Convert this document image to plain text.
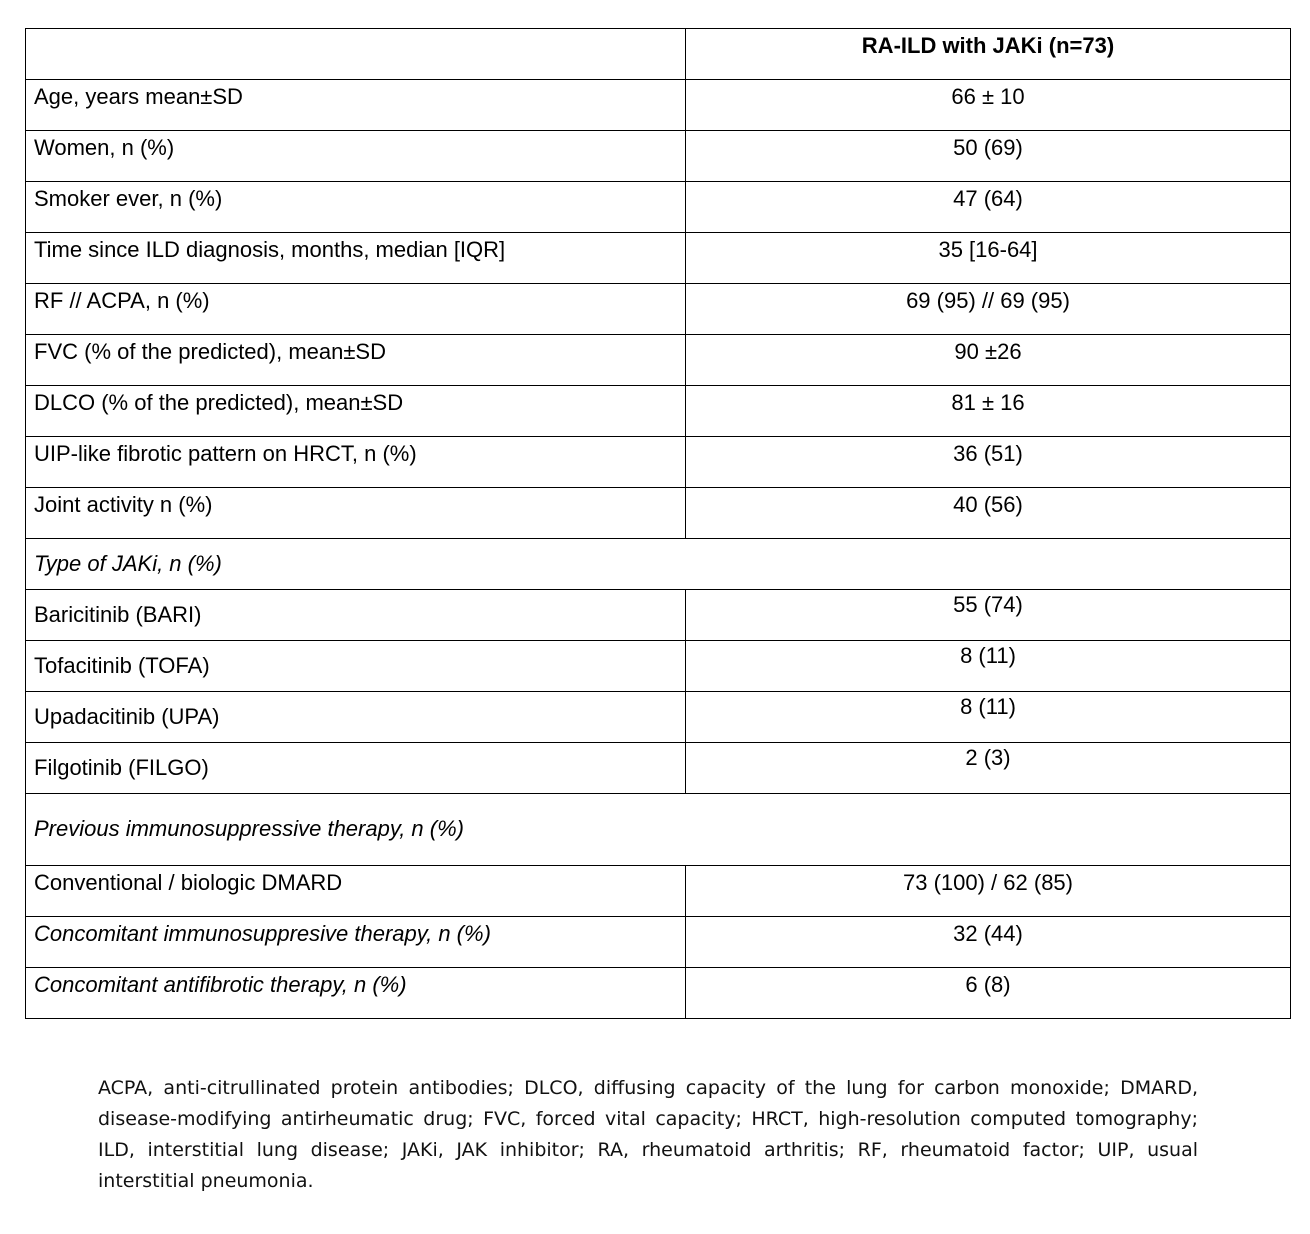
	RA-ILD with JAKi (n=73)
Age, years mean±SD	66 ± 10
Women, n (%)	50 (69)
Smoker ever, n (%)	47 (64)
Time since ILD diagnosis, months, median [IQR]	35 [16-64]
RF // ACPA, n (%)	69 (95) // 69 (95)
FVC (% of the predicted), mean±SD	90 ±26
DLCO (% of the predicted), mean±SD	81 ± 16
UIP-like fibrotic pattern on HRCT, n (%)	36 (51)
Joint activity n (%)	40 (56)
Type of JAKi, n (%)	
Baricitinib (BARI)	55 (74)
Tofacitinib (TOFA)	8 (11)
Upadacitinib (UPA)	8 (11)
Filgotinib (FILGO)	2 (3)
Previous immunosuppressive therapy, n (%)	
Conventional / biologic DMARD	73 (100) / 62 (85)
Concomitant immunosuppresive therapy, n (%)	32 (44)
Concomitant antifibrotic therapy, n (%)	6 (8)
ACPA, anti-citrullinated protein antibodies; DLCO, diffusing capacity of the lung for carbon monoxide; DMARD, disease-modifying antirheumatic drug; FVC, forced vital capacity; HRCT, high-resolution computed tomography; ILD, interstitial lung disease; JAKi, JAK inhibitor; RA, rheumatoid arthritis; RF, rheumatoid factor; UIP, usual interstitial pneumonia.
